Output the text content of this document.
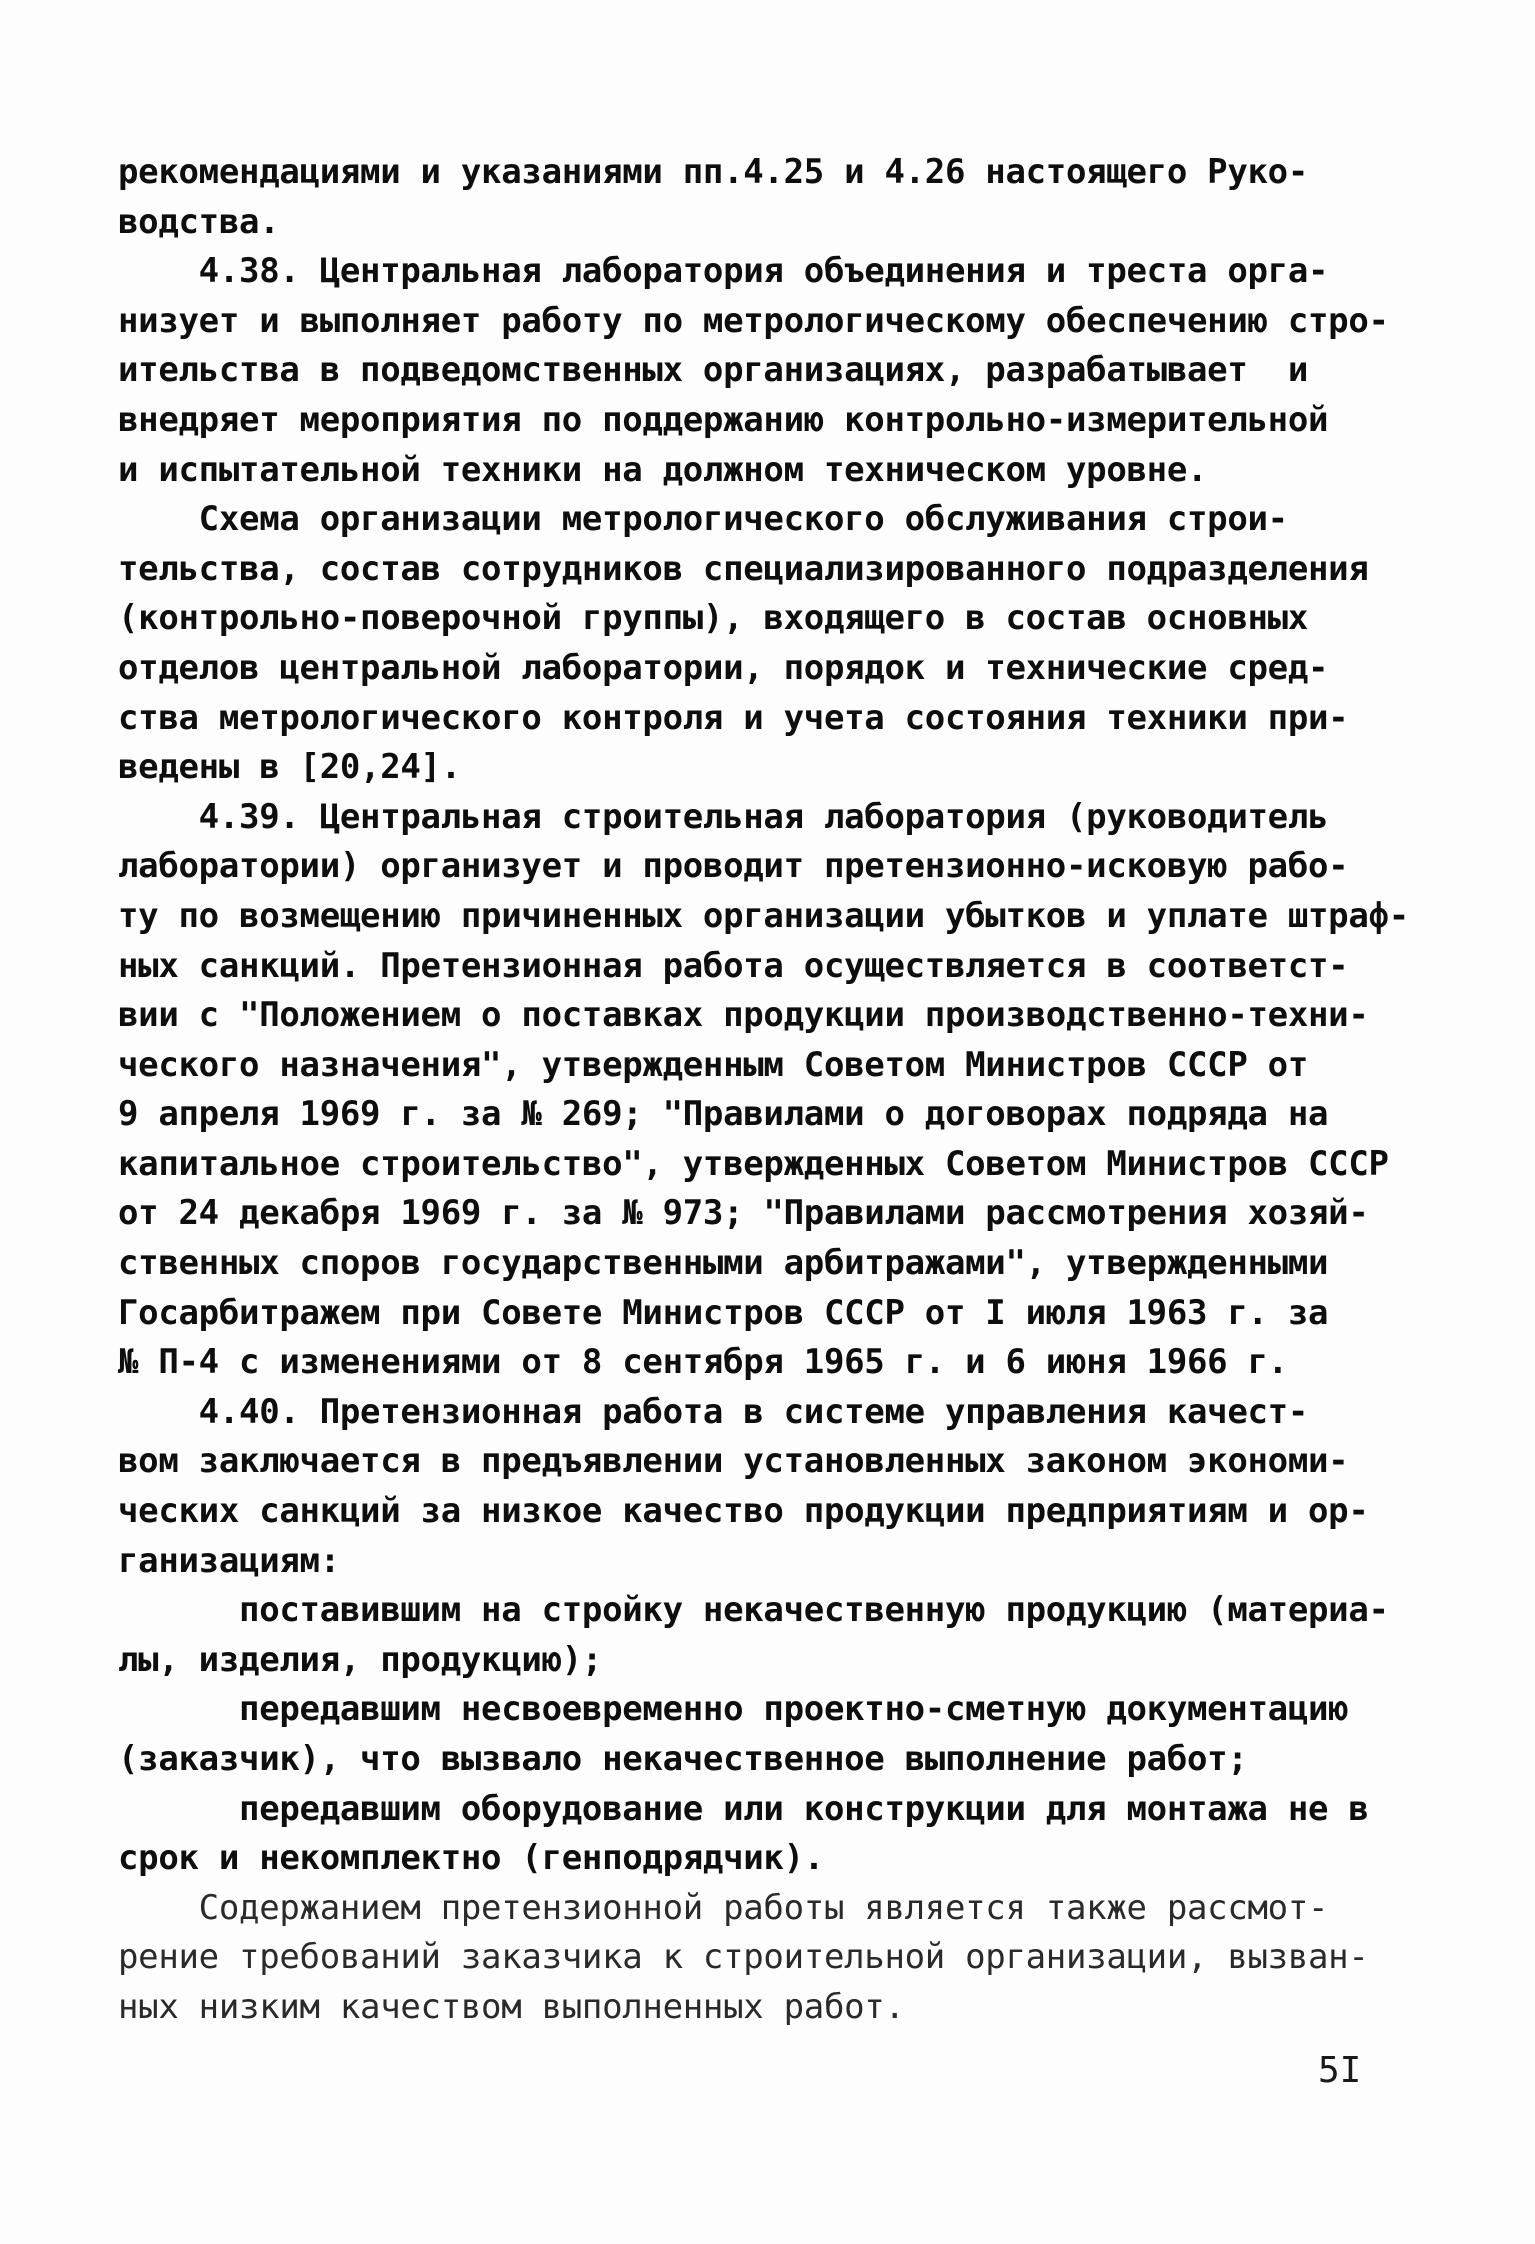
рекомендациями и указаниями пп.4.25 и 4.26 настоящего Руко-
водства.
4.38. Центральная лаборатория объединения и треста орга-
низует и выполняет работу по метрологическому обеспечению стро-
ительства в подведомственных организациях, разрабатывает  и
внедряет мероприятия по поддержанию контрольно-измерительной
и испытательной техники на должном техническом уровне.
Схема организации метрологического обслуживания строи-
тельства, состав сотрудников специализированного подразделения
(контрольно-поверочной группы), входящего в состав основных
отделов центральной лаборатории, порядок и технические сред-
ства метрологического контроля и учета состояния техники при-
ведены в [20,24].
4.39. Центральная строительная лаборатория (руководитель
лаборатории) организует и проводит претензионно-исковую рабо-
ту по возмещению причиненных организации убытков и уплате штраф-
ных санкций. Претензионная работа осуществляется в соответст-
вии с "Положением о поставках продукции производственно-техни-
ческого назначения", утвержденным Советом Министров СССР от
9 апреля 1969 г. за № 269; "Правилами о договорах подряда на
капитальное строительство", утвержденных Советом Министров СССР
от 24 декабря 1969 г. за № 973; "Правилами рассмотрения хозяй-
ственных споров государственными арбитражами", утвержденными
Госарбитражем при Совете Министров СССР от I июля 1963 г. за
№ П-4 с изменениями от 8 сентября 1965 г. и 6 июня 1966 г.
4.40. Претензионная работа в системе управления качест-
вом заключается в предъявлении установленных законом экономи-
ческих санкций за низкое качество продукции предприятиям и ор-
ганизациям:
поставившим на стройку некачественную продукцию (материа-
лы, изделия, продукцию);
передавшим несвоевременно проектно-сметную документацию
(заказчик), что вызвало некачественное выполнение работ;
передавшим оборудование или конструкции для монтажа не в
срок и некомплектно (генподрядчик).
Содержанием претензионной работы является также рассмот-
рение требований заказчика к строительной организации, вызван-
ных низким качеством выполненных работ.
5I
